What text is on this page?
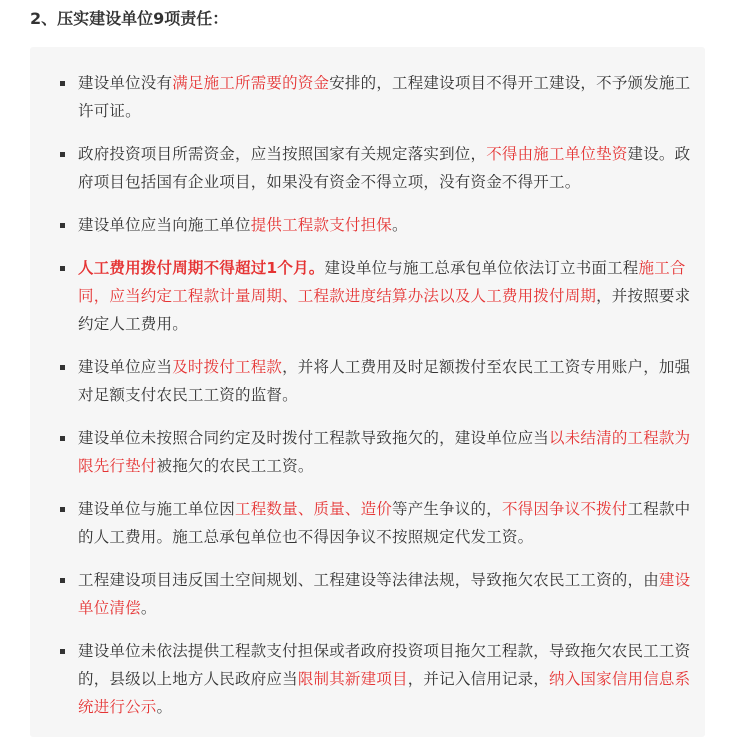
2、压实建设单位9项责任：
建设单位没有满足施工所需要的资金安排的，工程建设项目不得开工建设，不予颁发施工许可证。
政府投资项目所需资金，应当按照国家有关规定落实到位，不得由施工单位垫资建设。政府项目包括国有企业项目，如果没有资金不得立项，没有资金不得开工。
建设单位应当向施工单位提供工程款支付担保。
人工费用拨付周期不得超过1个月。建设单位与施工总承包单位依法订立书面工程施工合同，应当约定工程款计量周期、工程款进度结算办法以及人工费用拨付周期，并按照要求约定人工费用。
建设单位应当及时拨付工程款，并将人工费用及时足额拨付至农民工工资专用账户，加强对足额支付农民工工资的监督。
建设单位未按照合同约定及时拨付工程款导致拖欠的，建设单位应当以未结清的工程款为限先行垫付被拖欠的农民工工资。
建设单位与施工单位因工程数量、质量、造价等产生争议的，不得因争议不拨付工程款中的人工费用。施工总承包单位也不得因争议不按照规定代发工资。
工程建设项目违反国土空间规划、工程建设等法律法规，导致拖欠农民工工资的，由建设单位清偿。
建设单位未依法提供工程款支付担保或者政府投资项目拖欠工程款，导致拖欠农民工工资的，县级以上地方人民政府应当限制其新建项目，并记入信用记录，纳入国家信用信息系统进行公示。
